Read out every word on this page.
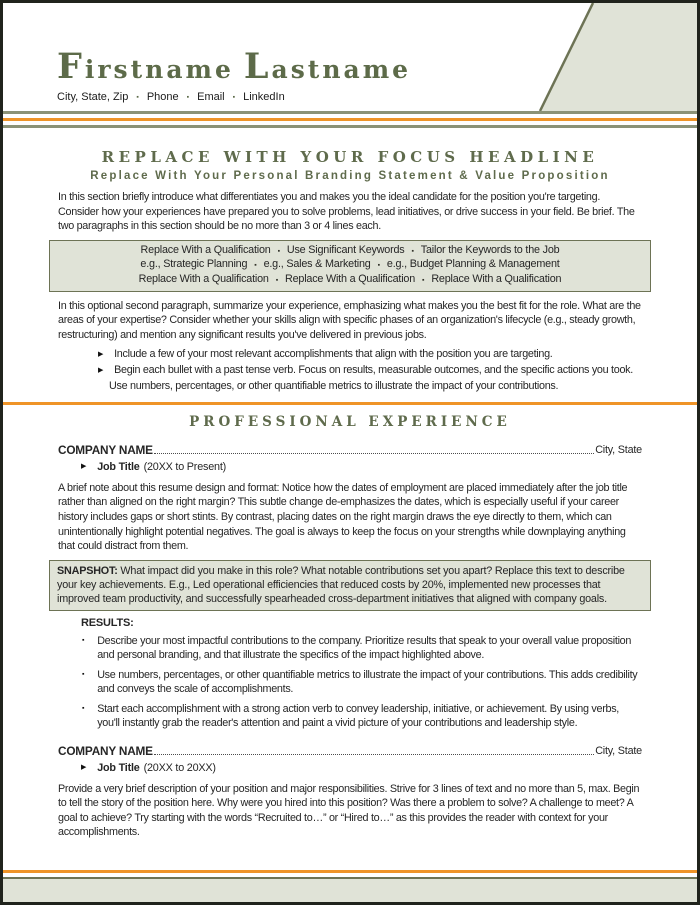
Firstname Lastname
City, State, Zip ▪ Phone ▪ Email ▪ LinkedIn
REPLACE WITH YOUR FOCUS HEADLINE
Replace With Your Personal Branding Statement & Value Proposition
In this section briefly introduce what differentiates you and makes you the ideal candidate for the position you're targeting. Consider how your experiences have prepared you to solve problems, lead initiatives, or drive success in your field. Be brief. The two paragraphs in this section should be no more than 3 or 4 lines each.
Replace With a Qualification ▪ Use Significant Keywords ▪ Tailor the Keywords to the Job
e.g., Strategic Planning ▪ e.g., Sales & Marketing ▪ e.g., Budget Planning & Management
Replace With a Qualification ▪ Replace With a Qualification ▪ Replace With a Qualification
In this optional second paragraph, summarize your experience, emphasizing what makes you the best fit for the role. What are the areas of your expertise? Consider whether your skills align with specific phases of an organization's lifecycle (e.g., steady growth, restructuring) and mention any significant results you've delivered in previous jobs.
▶ Include a few of your most relevant accomplishments that align with the position you are targeting.
▶ Begin each bullet with a past tense verb. Focus on results, measurable outcomes, and the specific actions you took.
Use numbers, percentages, or other quantifiable metrics to illustrate the impact of your contributions.
PROFESSIONAL EXPERIENCE
COMPANY NAME	City, State
▶ Job Title (20XX to Present)
A brief note about this resume design and format: Notice how the dates of employment are placed immediately after the job title rather than aligned on the right margin? This subtle change de-emphasizes the dates, which is especially useful if your career history includes gaps or short stints. By contrast, placing dates on the right margin draws the eye directly to them, which can unintentionally highlight potential negatives. The goal is always to keep the focus on your strengths while downplaying anything that could distract from them.
SNAPSHOT: What impact did you make in this role? What notable contributions set you apart? Replace this text to describe your key achievements. E.g., Led operational efficiencies that reduced costs by 20%, implemented new processes that improved team productivity, and successfully spearheaded cross-department initiatives that aligned with company goals.
RESULTS:
▪ Describe your most impactful contributions to the company. Prioritize results that speak to your overall value proposition and personal branding, and that illustrate the specifics of the impact highlighted above.
▪ Use numbers, percentages, or other quantifiable metrics to illustrate the impact of your contributions. This adds credibility and conveys the scale of accomplishments.
▪ Start each accomplishment with a strong action verb to convey leadership, initiative, or achievement. By using verbs, you'll instantly grab the reader's attention and paint a vivid picture of your contributions and leadership style.
COMPANY NAME	City, State
▶ Job Title (20XX to 20XX)
Provide a very brief description of your position and major responsibilities. Strive for 3 lines of text and no more than 5, max. Begin to tell the story of the position here. Why were you hired into this position? Was there a problem to solve? A challenge to meet? A goal to achieve? Try starting with the words “Recruited to…” or “Hired to…” as this provides the reader with context for your accomplishments.
